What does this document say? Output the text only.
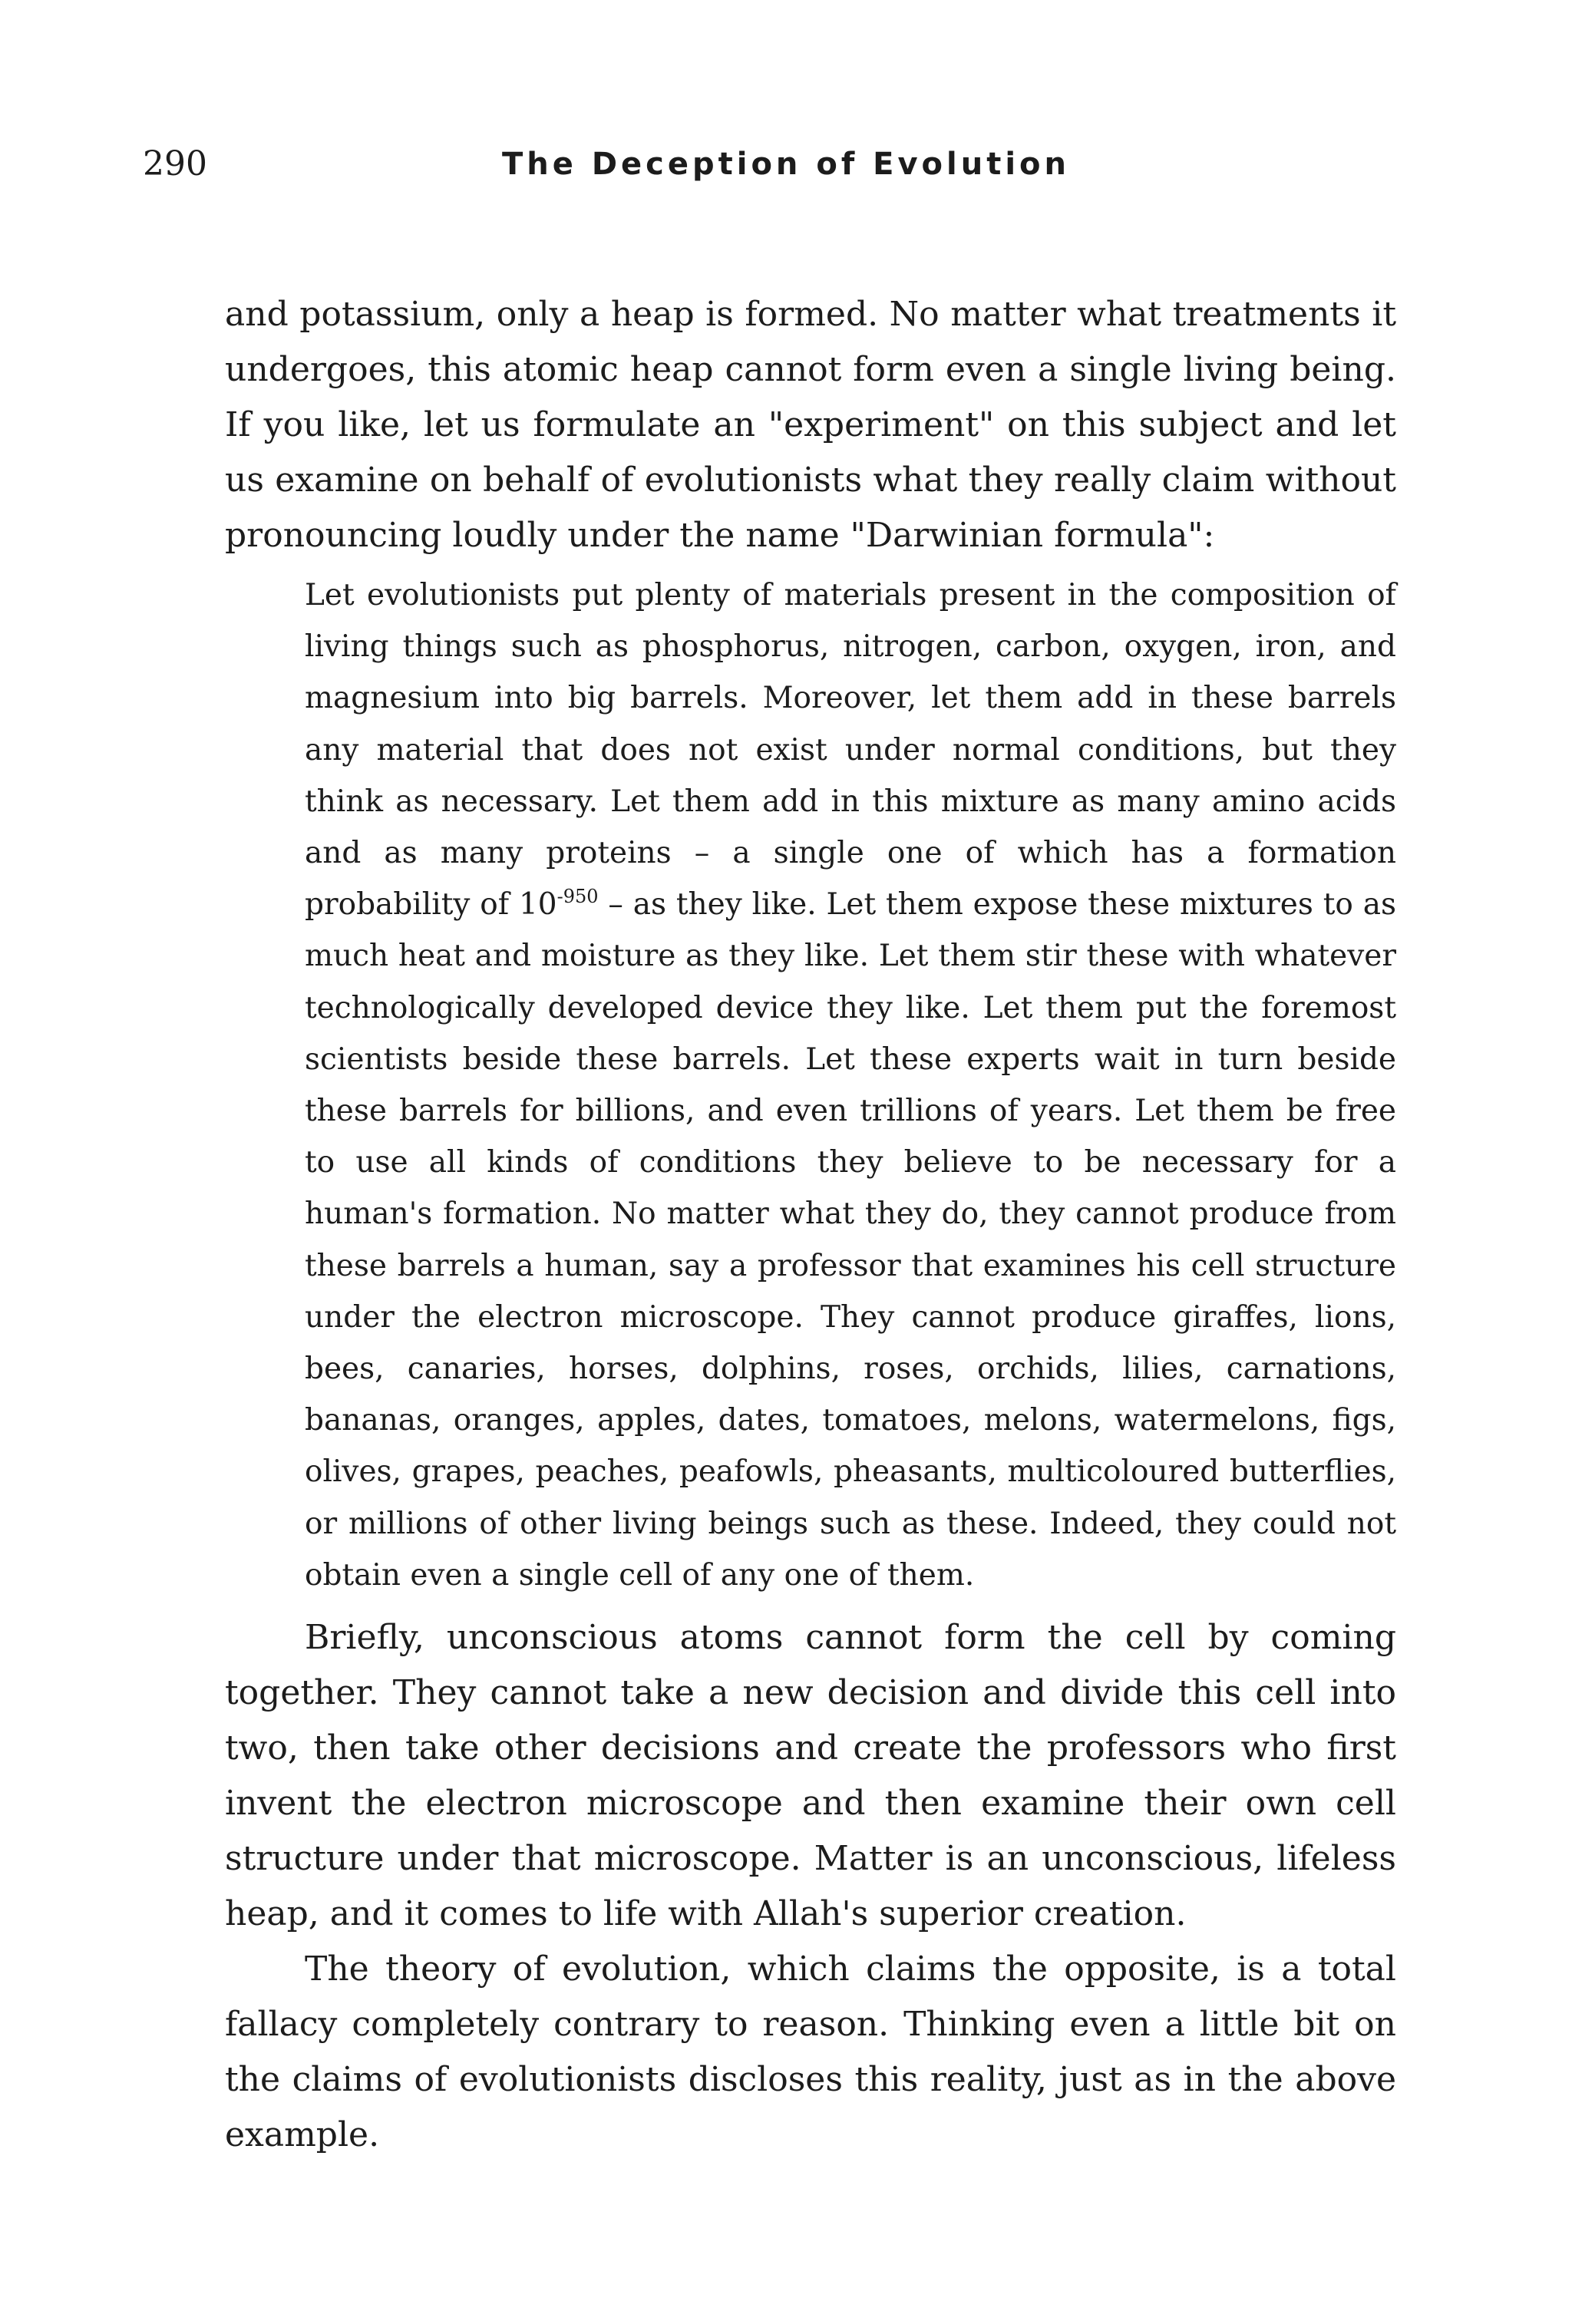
290	The Deception of Evolution

and potassium, only a heap is formed. No matter what treatments it undergoes, this atomic heap cannot form even a single living being. If you like, let us formulate an "experiment" on this subject and let us examine on behalf of evolutionists what they really claim without pronouncing loudly under the name "Darwinian formula":

Let evolutionists put plenty of materials present in the composition of living things such as phosphorus, nitrogen, carbon, oxygen, iron, and magnesium into big barrels. Moreover, let them add in these barrels any material that does not exist under normal conditions, but they think as necessary. Let them add in this mixture as many amino acids and as many proteins – a single one of which has a formation probability of $10^{-950}$ – as they like. Let them expose these mixtures to as much heat and moisture as they like. Let them stir these with whatever technologically developed device they like. Let them put the foremost scientists beside these barrels. Let these experts wait in turn beside these barrels for billions, and even trillions of years. Let them be free to use all kinds of conditions they believe to be necessary for a human's formation. No matter what they do, they cannot produce from these barrels a human, say a professor that examines his cell structure under the electron microscope. They cannot produce giraffes, lions, bees, canaries, horses, dolphins, roses, orchids, lilies, carnations, bananas, oranges, apples, dates, tomatoes, melons, watermelons, figs, olives, grapes, peaches, peafowls, pheasants, multicoloured butterflies, or millions of other living beings such as these. Indeed, they could not obtain even a single cell of any one of them.

Briefly, unconscious atoms cannot form the cell by coming together. They cannot take a new decision and divide this cell into two, then take other decisions and create the professors who first invent the electron microscope and then examine their own cell structure under that microscope. Matter is an unconscious, lifeless heap, and it comes to life with Allah's superior creation.

The theory of evolution, which claims the opposite, is a total fallacy completely contrary to reason. Thinking even a little bit on the claims of evolutionists discloses this reality, just as in the above example.
